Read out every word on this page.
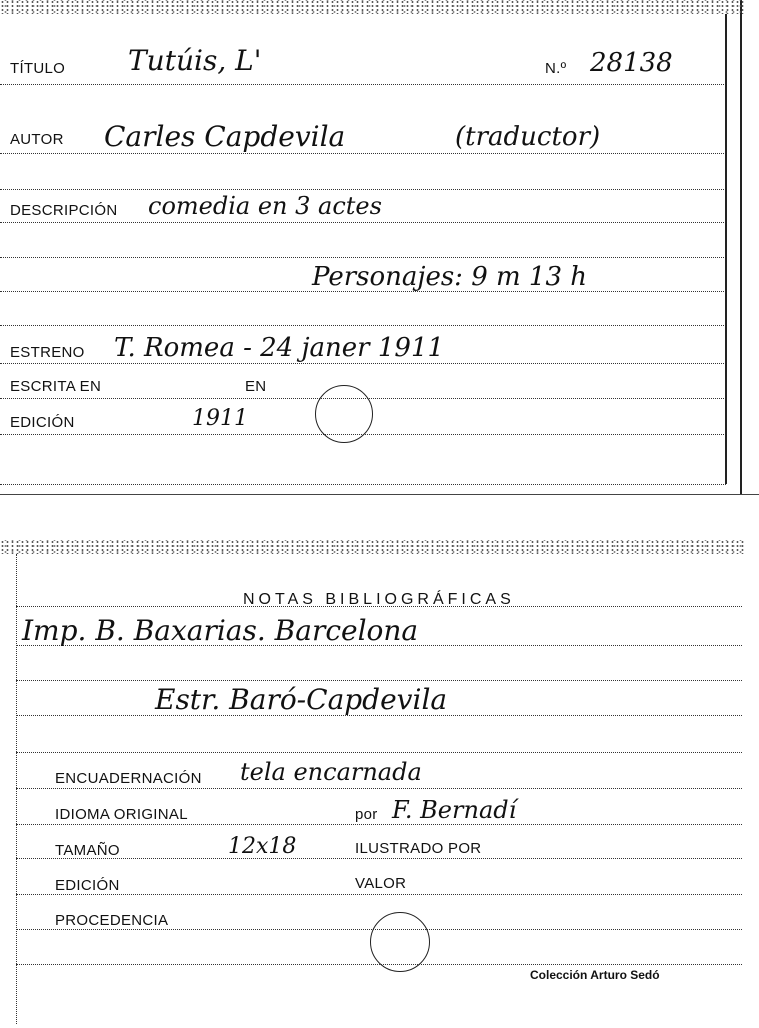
TÍTULO Tutúis, L'	N.º 28138
AUTOR Carles Capdevila	(traductor)
DESCRIPCIÓN comedia en 3 actes
Personajes: 9 m 13 h
ESTRENO T. Romea - 24 janer 1911
ESCRITA EN	EN
EDICIÓN	1911
NOTAS BIBLIOGRÁFICAS
Imp. B. Baxarias. Barcelona
Estr. Baró-Capdevila
ENCUADERNACIÓN tela encarnada
IDIOMA ORIGINAL	por F. Bernadí
TAMAÑO	12x18	ILUSTRADO POR
EDICIÓN	VALOR
PROCEDENCIA
Colección Arturo Sedó
